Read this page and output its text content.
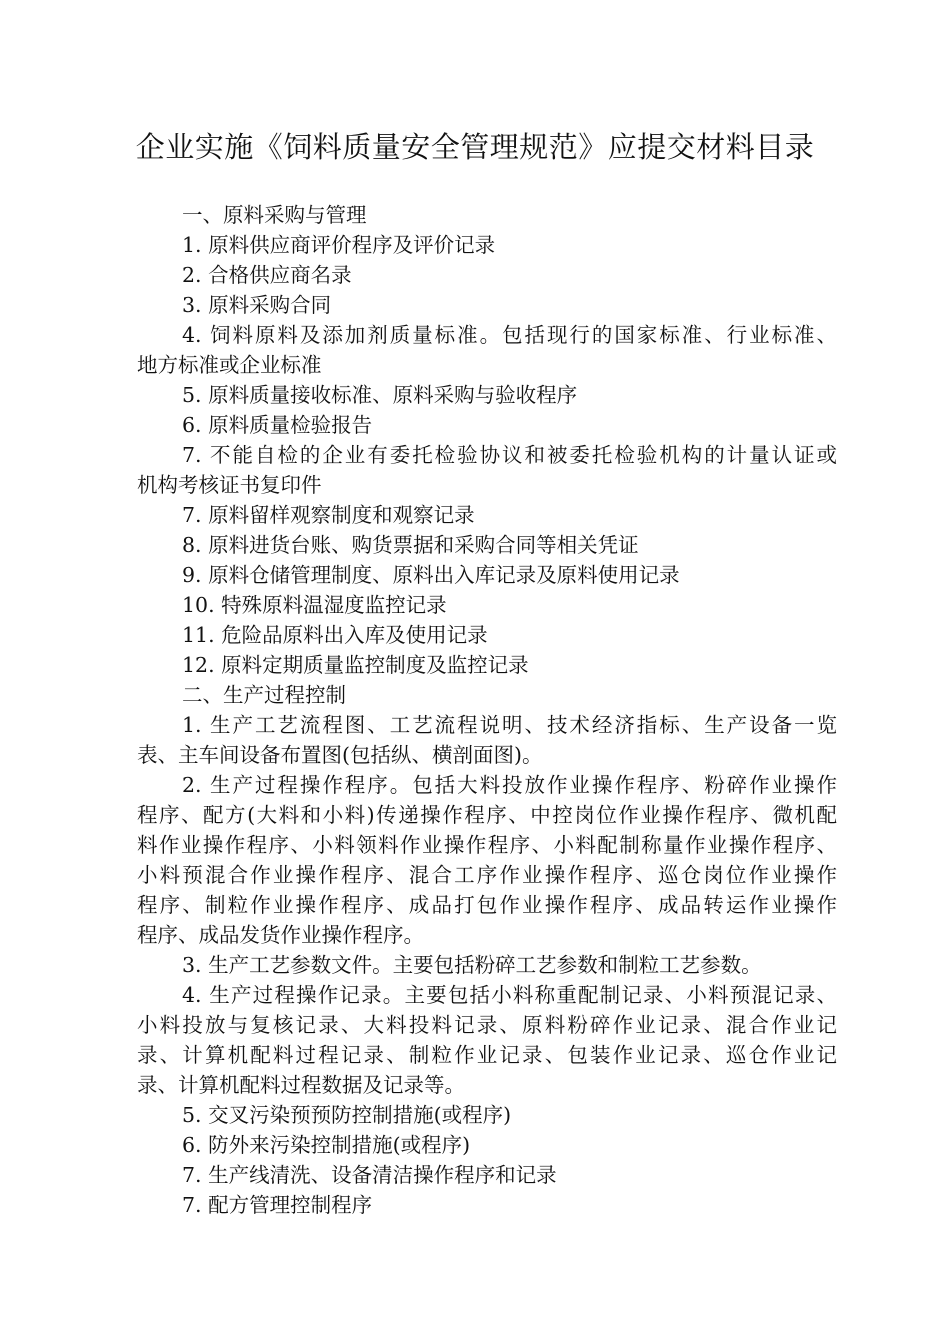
企业实施《饲料质量安全管理规范》应提交材料目录
一、原料采购与管理
1. 原料供应商评价程序及评价记录
2. 合格供应商名录
3. 原料采购合同
4. 饲料原料及添加剂质量标准。包括现行的国家标准、行业标准、
地方标准或企业标准
5. 原料质量接收标准、原料采购与验收程序
6. 原料质量检验报告
7. 不能自检的企业有委托检验协议和被委托检验机构的计量认证或
机构考核证书复印件
7. 原料留样观察制度和观察记录
8. 原料进货台账、购货票据和采购合同等相关凭证
9. 原料仓储管理制度、原料出入库记录及原料使用记录
10. 特殊原料温湿度监控记录
11. 危险品原料出入库及使用记录
12. 原料定期质量监控制度及监控记录
二、生产过程控制
1. 生产工艺流程图、工艺流程说明、技术经济指标、生产设备一览
表、主车间设备布置图(包括纵、横剖面图)。
2. 生产过程操作程序。包括大料投放作业操作程序、粉碎作业操作
程序、配方(大料和小料)传递操作程序、中控岗位作业操作程序、微机配
料作业操作程序、小料领料作业操作程序、小料配制称量作业操作程序、
小料预混合作业操作程序、混合工序作业操作程序、巡仓岗位作业操作
程序、制粒作业操作程序、成品打包作业操作程序、成品转运作业操作
程序、成品发货作业操作程序。
3. 生产工艺参数文件。主要包括粉碎工艺参数和制粒工艺参数。
4. 生产过程操作记录。主要包括小料称重配制记录、小料预混记录、
小料投放与复核记录、大料投料记录、原料粉碎作业记录、混合作业记
录、计算机配料过程记录、制粒作业记录、包装作业记录、巡仓作业记
录、计算机配料过程数据及记录等。
5. 交叉污染预预防控制措施(或程序)
6. 防外来污染控制措施(或程序)
7. 生产线清洗、设备清洁操作程序和记录
7. 配方管理控制程序
